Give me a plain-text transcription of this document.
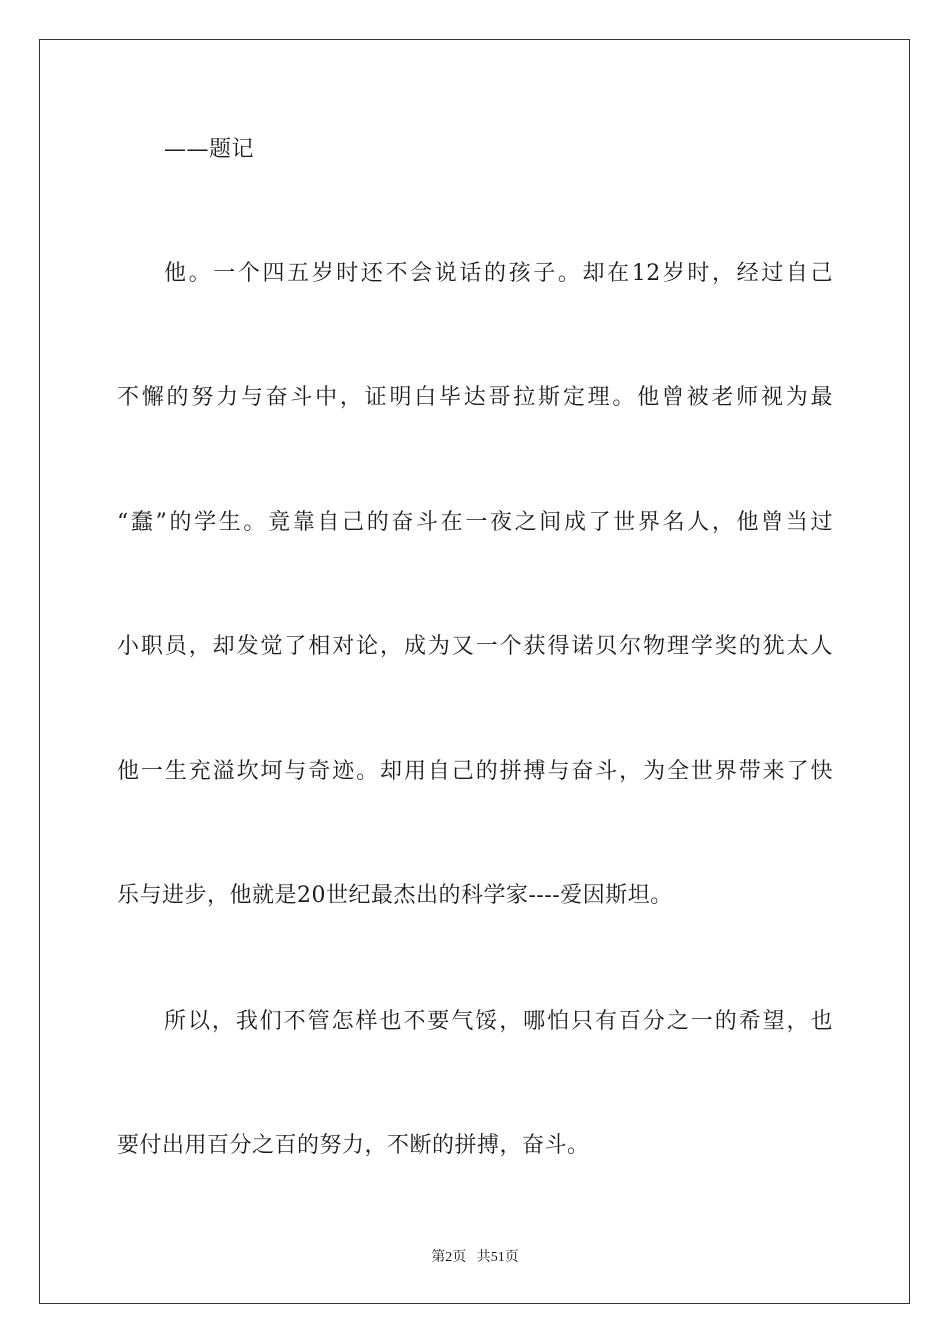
——题记
他。一个四五岁时还不会说话的孩子。却在12岁时，经过自己
不懈的努力与奋斗中，证明白毕达哥拉斯定理。他曾被老师视为最
“蠢”的学生。竟靠自己的奋斗在一夜之间成了世界名人，他曾当过
小职员，却发觉了相对论，成为又一个获得诺贝尔物理学奖的犹太人
他一生充溢坎坷与奇迹。却用自己的拼搏与奋斗，为全世界带来了快
乐与进步，他就是20世纪最杰出的科学家----爱因斯坦。
所以，我们不管怎样也不要气馁，哪怕只有百分之一的希望，也
要付出用百分之百的努力，不断的拼搏，奋斗。
第2页 共51页
